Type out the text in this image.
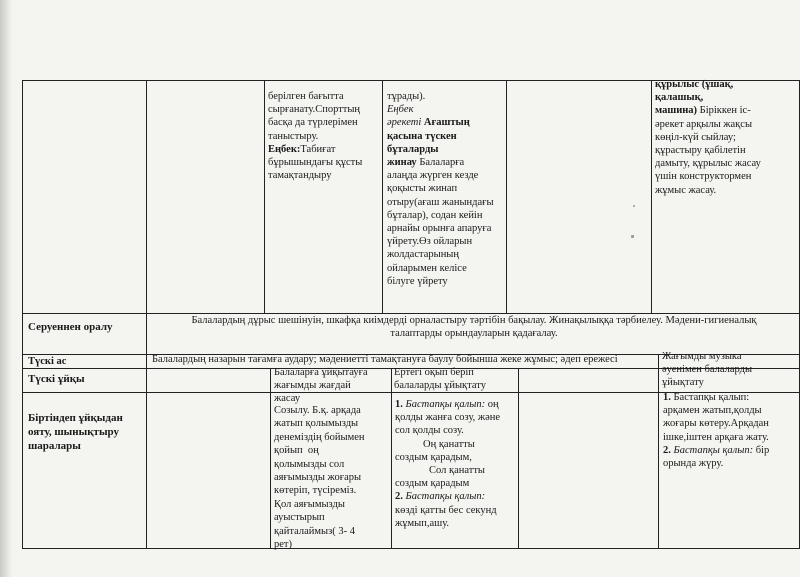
берілген бағытта
сырғанату.Спорттың
басқа да түрлерімен
таныстыру.
Еңбек:Табиғат
бұрышындағы құсты
тамақтандыру
тұрады).
Еңбек
әрекеті Ағаштың
қасына түскен
бұталарды
жинау Балаларға
алаңда жүрген кезде
қоқысты жинап
отыру(ағаш жанындағы
бұталар), содан кейін
арнайы орынға апаруға
үйрету.Өз ойларын
жолдастарының
ойларымен келісе
білуге үйрету
құрылыс (ұшақ,
қалашық,
машина) Біріккен іс-
әрекет арқылы жақсы
көңіл-күй сыйлау;
құрастыру қабілетін
дамыту, құрылыс жасау
үшін конструктормен
жұмыс жасау.
Серуеннен оралу
Балалардың дұрыс шешінуін, шкафқа киімдерді орналастыру тәртібін бақылау. Жинақылыққа тәрбиелеу. Мәдени-гигиеналық
талаптарды орындауларын қадағалау.
Түскі ас	Балалардың назарын тағамға аудару; мәдениетті тамақтануға баулу бойынша жеке жұмыс; әдеп ережесі
Түскі ұйқы
Балаларға ұйқытауға
жағымды жағдай
жасау
Ертегі оқып беріп
балаларды ұйықтату
Жағымды музыка
әуенімен балаларды
ұйықтату
Біртіндеп ұйқыдан
ояту, шынықтыру
шаралары
Созылу. Б.қ. арқада
жатып қолымызды
денеміздің бойымен
қойып  оң
қолымызды сол
аяғымызды жоғары
көтеріп, түсіреміз.
Қол аяғымызды
ауыстырып
қайталаймыз( 3- 4
рет)
1. Бастапқы қалып: оң
қолды жанға созу, және
сол қолды созу.
Оң қанатты
создым қарадым,
Сол қанатты
создым қарадым
2. Бастапқы қалып:
көзді қатты бес секунд
жұмып,ашу.
1. Бастапқы қалып:
арқамен жатып,қолды
жоғары көтеру.Арқадан
ішке,іштен арқаға жату.
2. Бастапқы қалып: бір
орында жүру.
